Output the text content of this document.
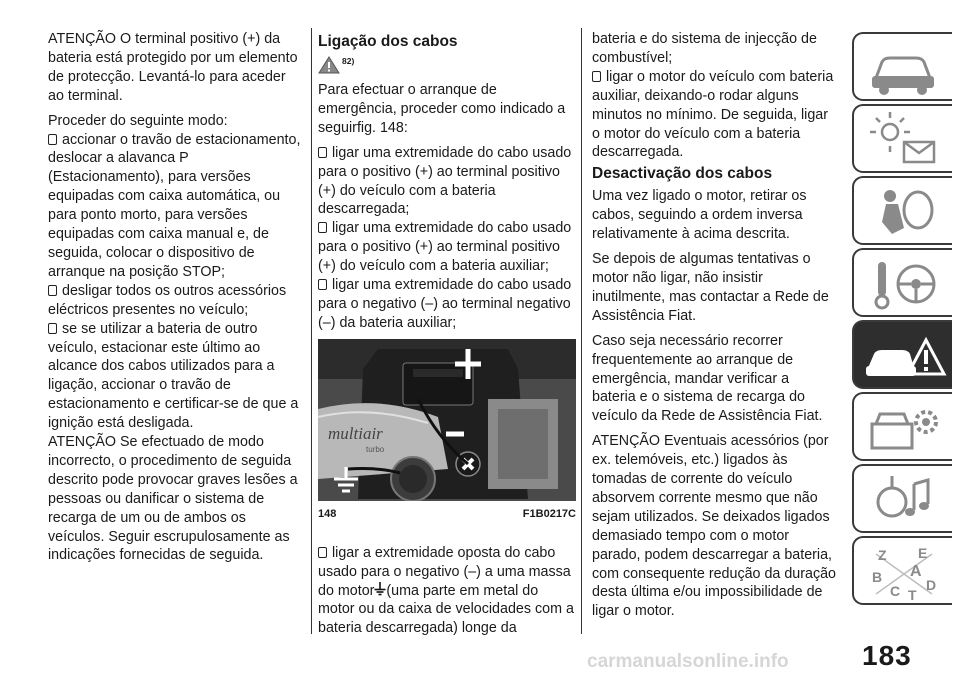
ATENÇÃO O terminal positivo (+) da bateria está protegido por um elemento de protecção. Levantá-lo para aceder ao terminal.

Proceder do seguinte modo:

accionar o travão de estacionamento, deslocar a alavanca P (Estacionamento), para versões equipadas com caixa automática, ou para ponto morto, para versões equipadas com caixa manual e, de seguida, colocar o dispositivo de arranque na posição STOP;

desligar todos os outros acessórios eléctricos presentes no veículo;

se se utilizar a bateria de outro veículo, estacionar este último ao alcance dos cabos utilizados para a ligação, accionar o travão de estacionamento e certificar-se de que a ignição está desligada.

ATENÇÃO Se efectuado de modo incorrecto, o procedimento de seguida descrito pode provocar graves lesões a pessoas ou danificar o sistema de recarga de um ou de ambos os veículos. Seguir escrupulosamente as indicações fornecidas de seguida.

Ligação dos cabos
82)

Para efectuar o arranque de emergência, proceder como indicado a seguirfig. 148:

ligar uma extremidade do cabo usado para o positivo (+) ao terminal positivo (+) do veículo com a bateria descarregada;

ligar uma extremidade do cabo usado para o positivo (+) ao terminal positivo (+) do veículo com a bateria auxiliar;

ligar uma extremidade do cabo usado para o negativo (–) ao terminal negativo (–) da bateria auxiliar;

multiair
turbo
148	F1B0217C

ligar a extremidade oposta do cabo usado para o negativo (–) a uma massa do motor (uma parte em metal do motor ou da caixa de velocidades com a bateria descarregada) longe da

bateria e do sistema de injecção de combustível;

ligar o motor do veículo com bateria auxiliar, deixando-o rodar alguns minutos no mínimo. De seguida, ligar o motor do veículo com a bateria descarregada.

Desactivação dos cabos

Uma vez ligado o motor, retirar os cabos, seguindo a ordem inversa relativamente à acima descrita.

Se depois de algumas tentativas o motor não ligar, não insistir inutilmente, mas contactar a Rede de Assistência Fiat.

Caso seja necessário recorrer frequentemente ao arranque de emergência, mandar verificar a bateria e o sistema de recarga do veículo da Rede de Assistência Fiat.

ATENÇÃO Eventuais acessórios (por ex. telemóveis, etc.) ligados às tomadas de corrente do veículo absorvem corrente mesmo que não sejam utilizados. Se deixados ligados demasiado tempo com o motor parado, podem descarregar a bateria, com consequente redução da duração desta última e/ou impossibilidade de ligar o motor.

Z E
A
B
C T
D
carmanualsonline.info	183
